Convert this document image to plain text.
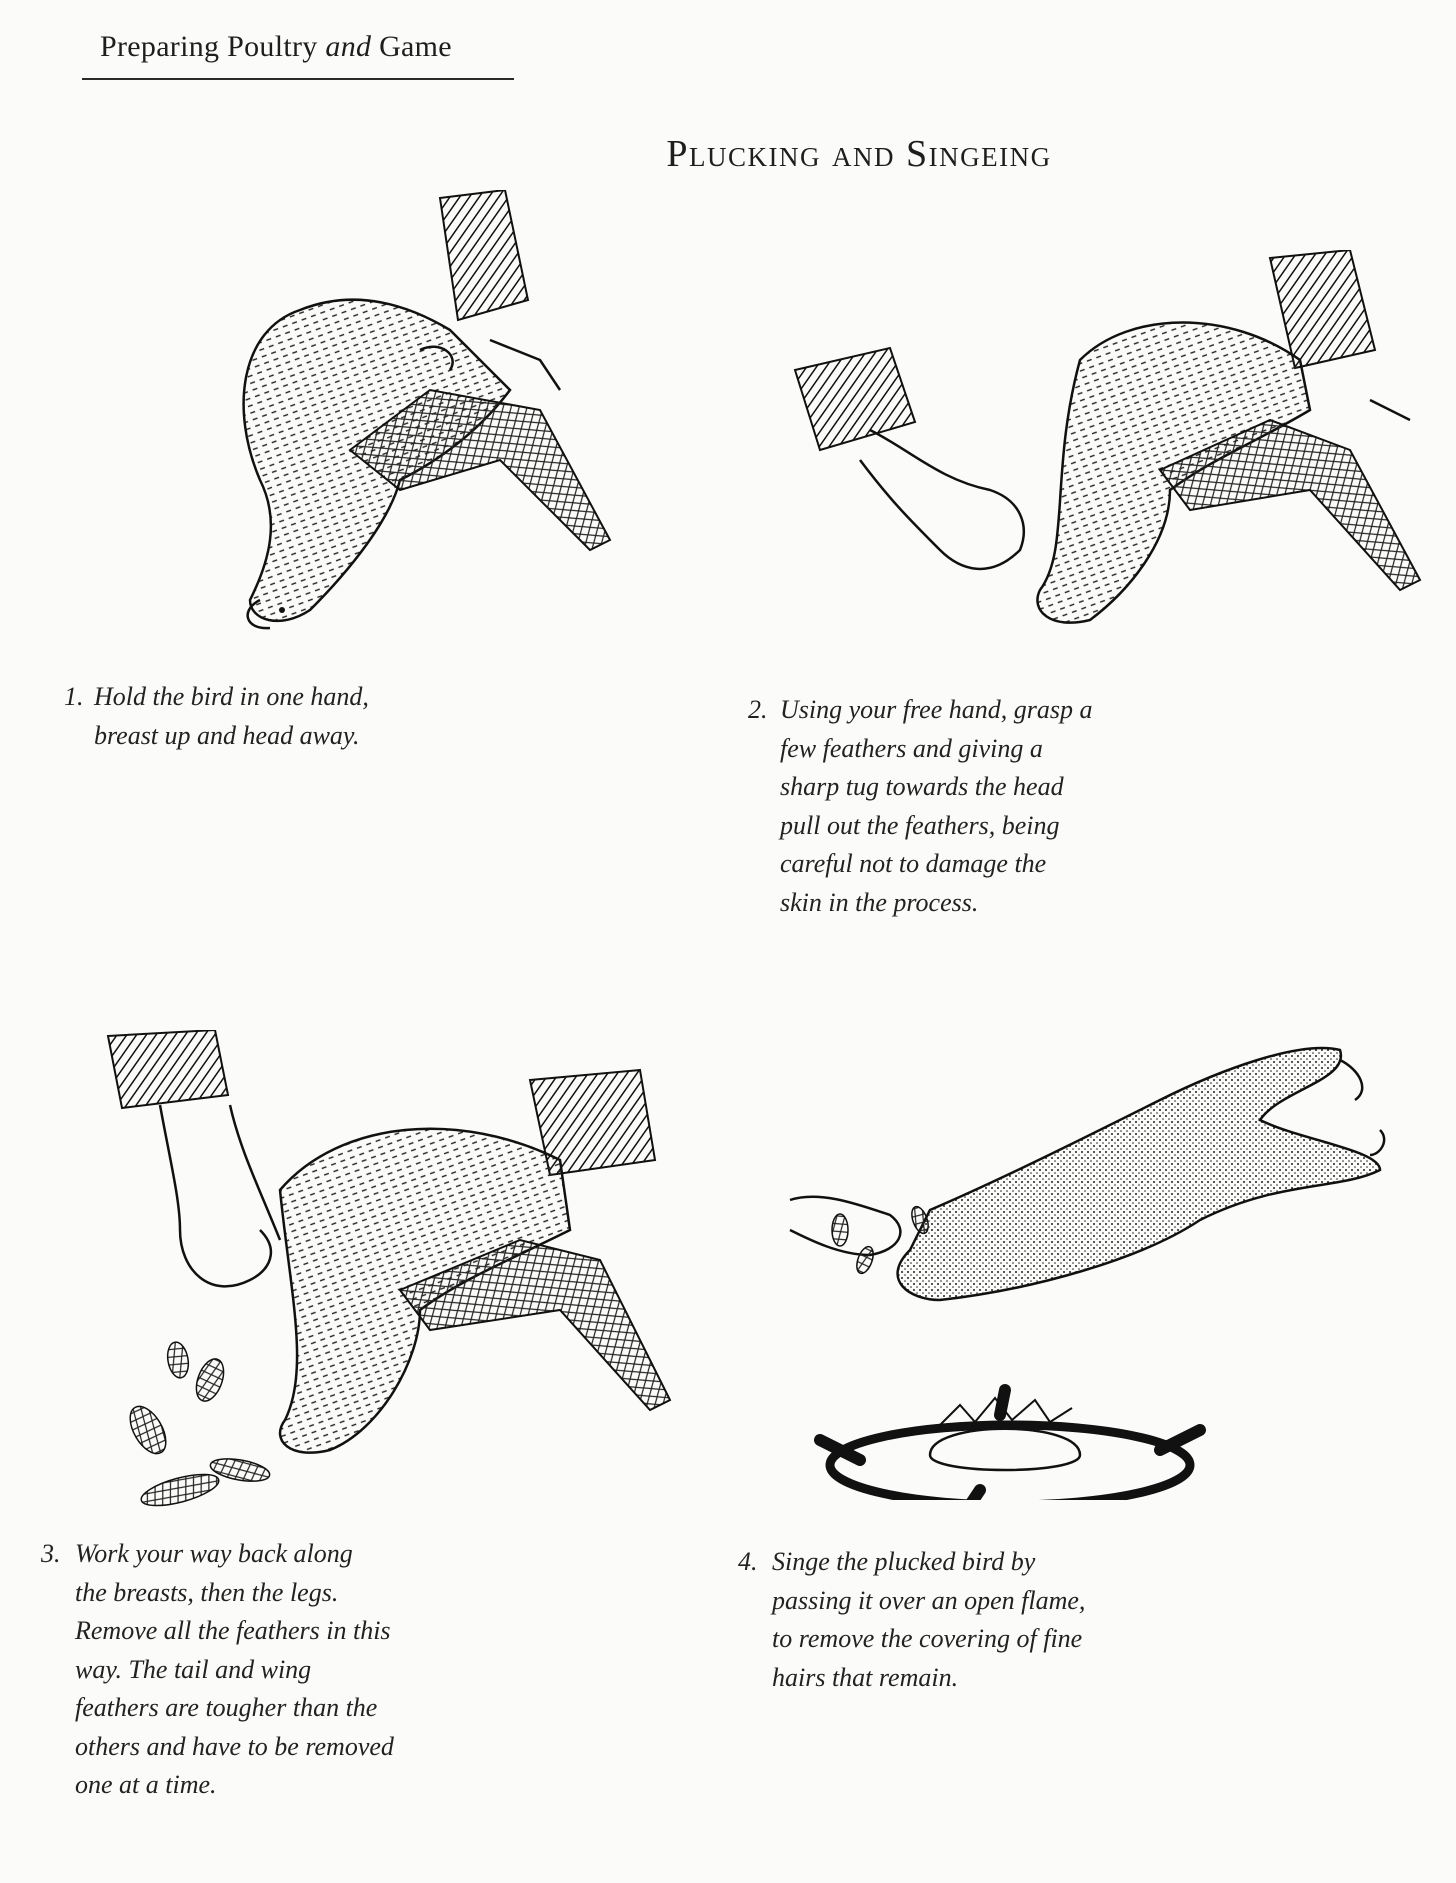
Preparing Poultry and Game
Plucking and Singeing
1. Hold the bird in one hand,
breast up and head away.
2. Using your free hand, grasp a
few feathers and giving a
sharp tug towards the head
pull out the feathers, being
careful not to damage the
skin in the process.
3. Work your way back along
the breasts, then the legs.
Remove all the feathers in this
way. The tail and wing
feathers are tougher than the
others and have to be removed
one at a time.
4. Singe the plucked bird by
passing it over an open flame,
to remove the covering of fine
hairs that remain.
